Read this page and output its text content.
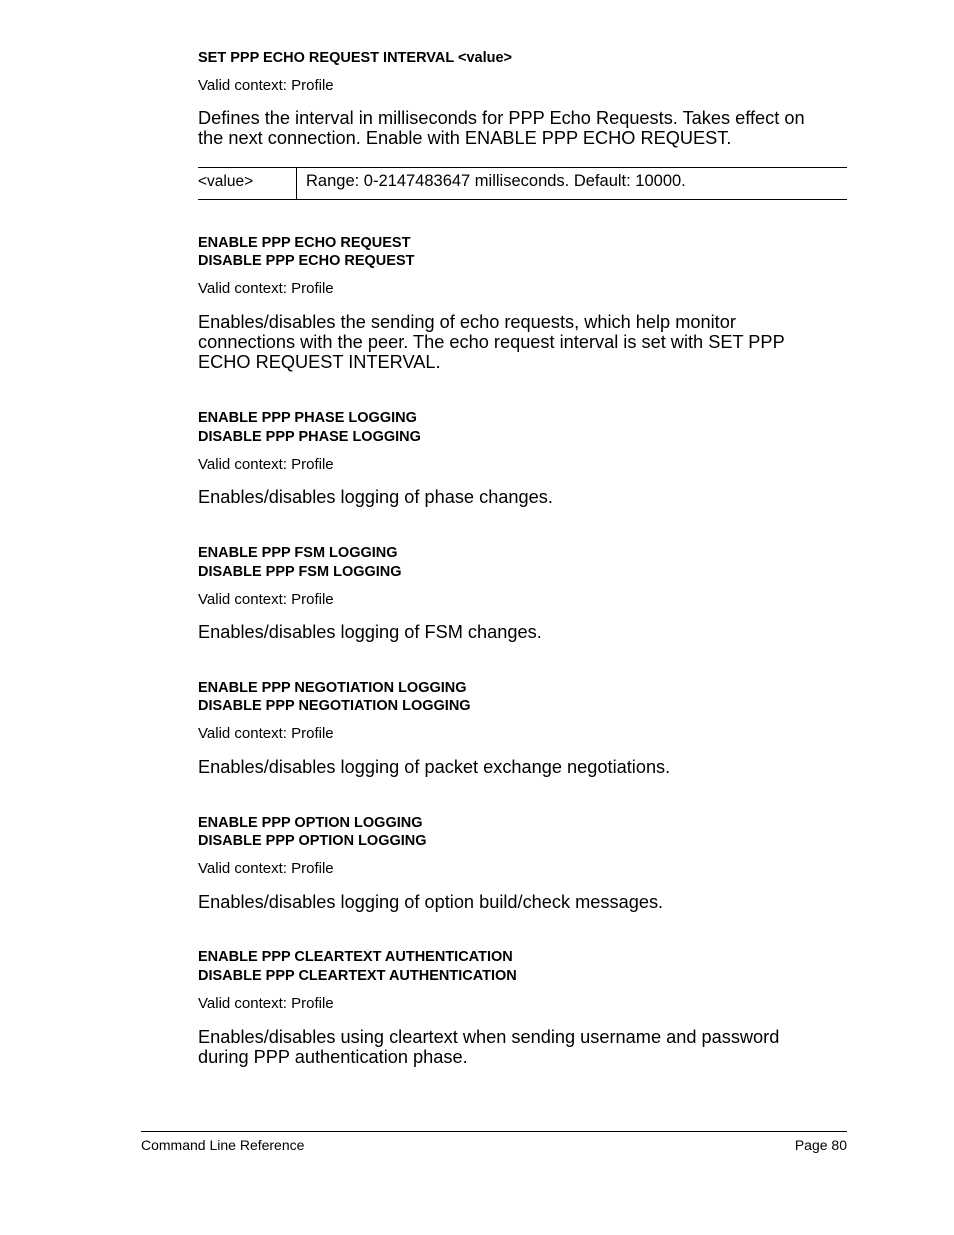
SET PPP ECHO REQUEST INTERVAL <value>
Valid context: Profile
Defines the interval in milliseconds for PPP Echo Requests. Takes effect on
the next connection. Enable with ENABLE PPP ECHO REQUEST.
<value>	Range: 0-2147483647 milliseconds. Default: 10000.
ENABLE PPP ECHO REQUEST
DISABLE PPP ECHO REQUEST
Valid context: Profile
Enables/disables the sending of echo requests, which help monitor
connections with the peer. The echo request interval is set with SET PPP
ECHO REQUEST INTERVAL.
ENABLE PPP PHASE LOGGING
DISABLE PPP PHASE LOGGING
Valid context: Profile
Enables/disables logging of phase changes.
ENABLE PPP FSM LOGGING
DISABLE PPP FSM LOGGING
Valid context: Profile
Enables/disables logging of FSM changes.
ENABLE PPP NEGOTIATION LOGGING
DISABLE PPP NEGOTIATION LOGGING
Valid context: Profile
Enables/disables logging of packet exchange negotiations.
ENABLE PPP OPTION LOGGING
DISABLE PPP OPTION LOGGING
Valid context: Profile
Enables/disables logging of option build/check messages.
ENABLE PPP CLEARTEXT AUTHENTICATION
DISABLE PPP CLEARTEXT AUTHENTICATION
Valid context: Profile
Enables/disables using cleartext when sending username and password
during PPP authentication phase.
Command Line Reference	Page 80
